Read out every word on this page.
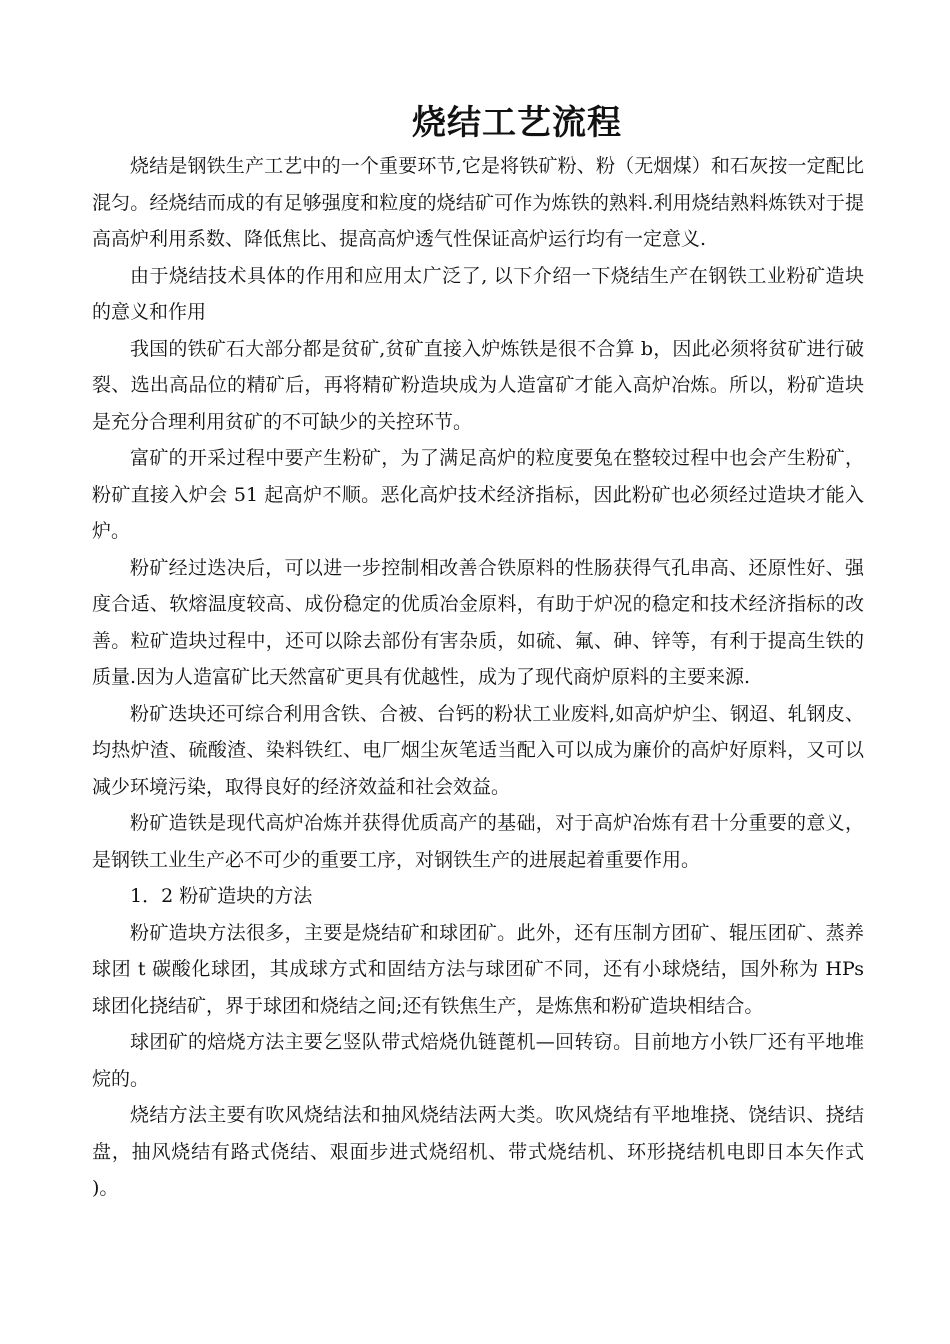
烧结工艺流程

烧结是钢铁生产工艺中的一个重要环节,它是将铁矿粉、粉（无烟煤）和石灰按一定配比混匀。经烧结而成的有足够强度和粒度的烧结矿可作为炼铁的熟料.利用烧结熟料炼铁对于提高高炉利用系数、降低焦比、提高高炉透气性保证高炉运行均有一定意义.

由于烧结技术具体的作用和应用太广泛了, 以下介绍一下烧结生产在钢铁工业粉矿造块的意义和作用

我国的铁矿石大部分都是贫矿,贫矿直接入炉炼铁是很不合算 b，因此必须将贫矿进行破裂、选出高品位的精矿后，再将精矿粉造块成为人造富矿才能入高炉冶炼。所以，粉矿造块是充分合理利用贫矿的不可缺少的关控环节。

富矿的开采过程中要产生粉矿，为了满足高炉的粒度要兔在整较过程中也会产生粉矿，粉矿直接入炉会 51 起高炉不顺。恶化高炉技术经济指标，因此粉矿也必须经过造块才能入炉。

粉矿经过迭决后，可以进一步控制相改善合铁原料的性肠获得气孔串高、还原性好、强度合适、软熔温度较高、成份稳定的优质冶金原料，有助于炉况的稳定和技术经济指标的改善。粒矿造块过程中，还可以除去部份有害杂质，如硫、氟、砷、锌等，有利于提高生铁的质量.因为人造富矿比天然富矿更具有优越性，成为了现代商炉原料的主要来源.

粉矿迭块还可综合利用含铁、合被、台钙的粉状工业废料,如高炉炉尘、钢迢、轧钢皮、均热炉渣、硫酸渣、染料铁红、电厂烟尘灰笔适当配入可以成为廉价的高炉好原料，又可以减少环境污染，取得良好的经济效益和社会效益。

粉矿造铁是现代高炉冶炼并获得优质高产的基础，对于高炉冶炼有君十分重要的意义，是钢铁工业生产必不可少的重要工序，对钢铁生产的进展起着重要作用。

1．2 粉矿造块的方法

粉矿造块方法很多，主要是烧结矿和球团矿。此外，还有压制方团矿、辊压团矿、蒸养球团 t 碳酸化球团，其成球方式和固结方法与球团矿不同，还有小球烧结，国外称为 HPs 球团化挠结矿，界于球团和烧结之间;还有铁焦生产，是炼焦和粉矿造块相结合。

球团矿的焙烧方法主要乞竖队带式焙烧仇链蓖机—回转窃。目前地方小铁厂还有平地堆烷的。

烧结方法主要有吹风烧结法和抽风烧结法两大类。吹风烧结有平地堆挠、饶结识、挠结盘，抽风烧结有路式侥结、艰面步进式烧绍机、带式烧结机、环形挠结机电即日本矢作式 )。
